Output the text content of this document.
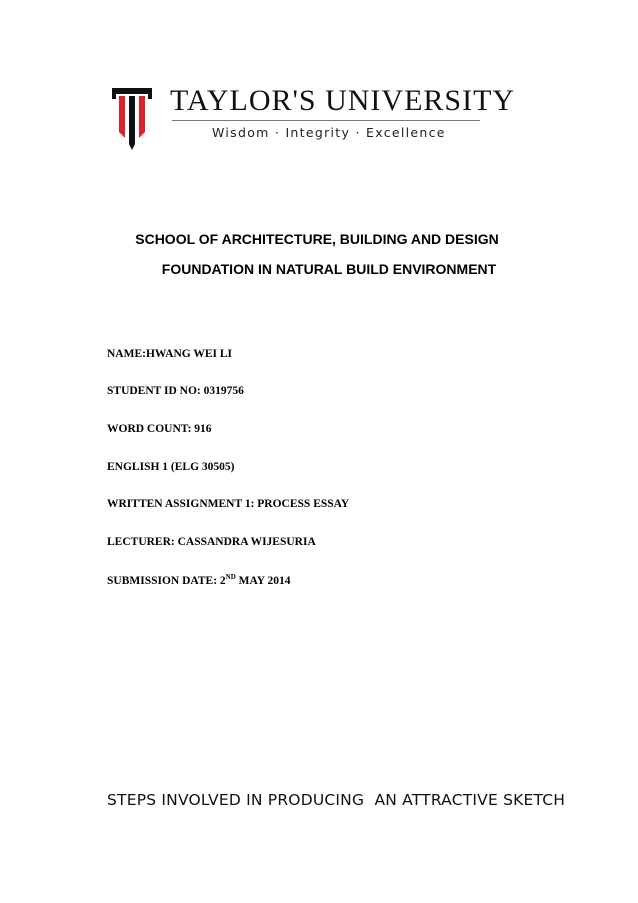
TAYLOR'S UNIVERSITY
Wisdom · Integrity · Excellence
SCHOOL OF ARCHITECTURE, BUILDING AND DESIGN
FOUNDATION IN NATURAL BUILD ENVIRONMENT
NAME:HWANG WEI LI
STUDENT ID NO: 0319756
WORD COUNT: 916
ENGLISH 1 (ELG 30505)
WRITTEN ASSIGNMENT 1: PROCESS ESSAY
LECTURER: CASSANDRA WIJESURIA
SUBMISSION DATE: 2ND MAY 2014
STEPS INVOLVED IN PRODUCING  AN ATTRACTIVE SKETCH
